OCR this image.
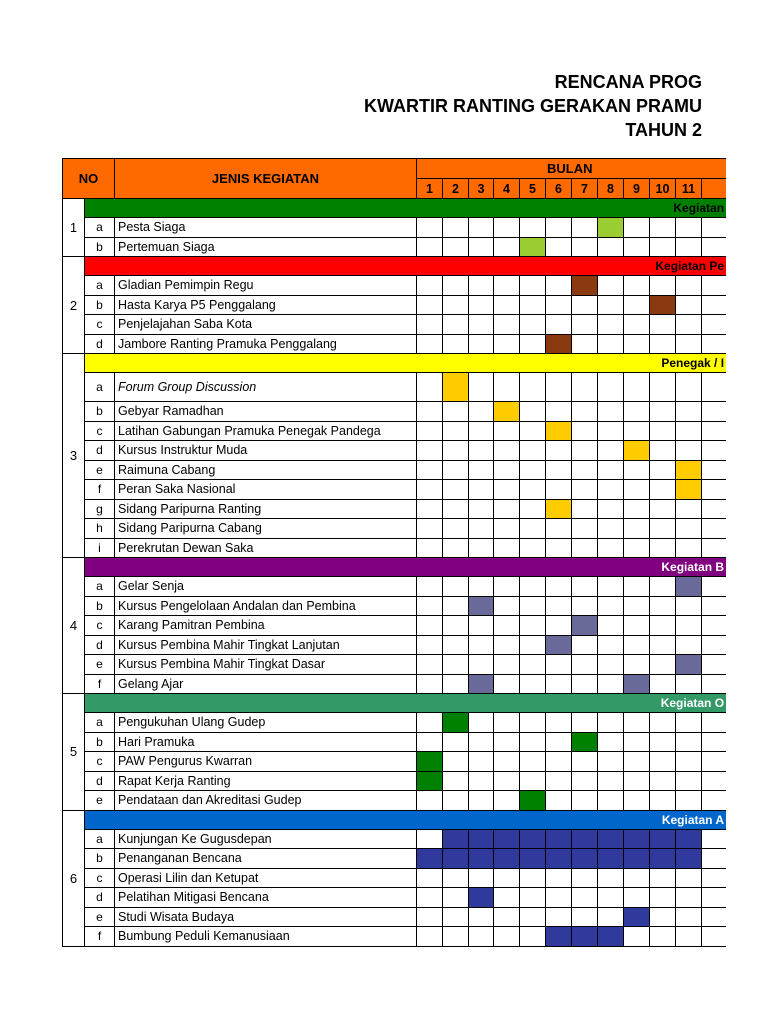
RENCANA PROG
KWARTIR RANTING GERAKAN PRAMU
TAHUN 2
NO		JENIS KEGIATAN	BULAN											
			1	2	3	4	5	6	7	8	9	10	11	
1	Kegiatan													
	a	Pesta Siaga												
	b	Pertemuan Siaga												
2	Kegiatan Pe													
	a	Gladian Pemimpin Regu												
	b	Hasta Karya P5 Penggalang												
	c	Penjelajahan Saba Kota												
	d	Jambore Ranting Pramuka Penggalang												
3	Penegak / I													
	a	Forum Group Discussion												
	b	Gebyar Ramadhan												
	c	Latihan Gabungan Pramuka Penegak Pandega												
	d	Kursus Instruktur Muda												
	e	Raimuna Cabang												
	f	Peran Saka Nasional												
	g	Sidang Paripurna Ranting												
	h	Sidang Paripurna Cabang												
	i	Perekrutan Dewan Saka												
4	Kegiatan B													
	a	Gelar Senja												
	b	Kursus Pengelolaan Andalan dan Pembina												
	c	Karang Pamitran Pembina												
	d	Kursus Pembina Mahir Tingkat Lanjutan												
	e	Kursus Pembina Mahir Tingkat Dasar												
	f	Gelang Ajar												
5	Kegiatan O													
	a	Pengukuhan Ulang Gudep												
	b	Hari Pramuka												
	c	PAW Pengurus Kwarran												
	d	Rapat Kerja Ranting												
	e	Pendataan dan Akreditasi Gudep												
6	Kegiatan A													
	a	Kunjungan Ke Gugusdepan												
	b	Penanganan Bencana												
	c	Operasi Lilin dan Ketupat												
	d	Pelatihan Mitigasi Bencana												
	e	Studi Wisata Budaya												
	f	Bumbung Peduli Kemanusiaan												
